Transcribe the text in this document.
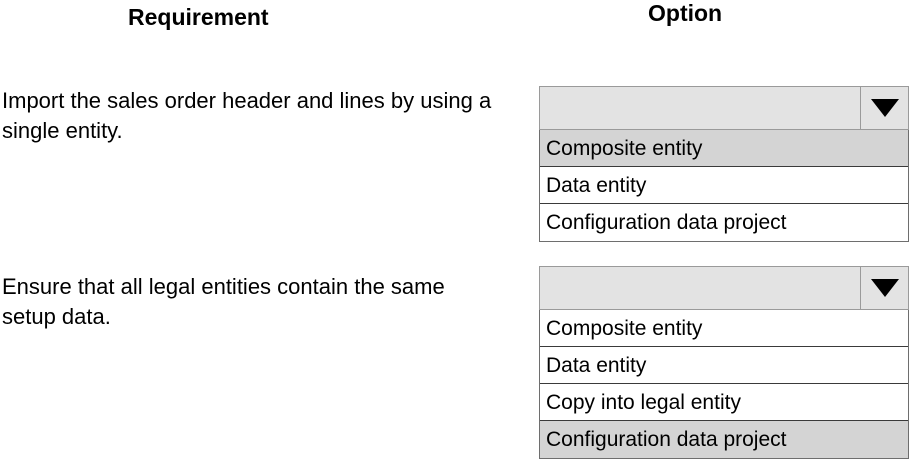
Requirement	Option
Import the sales order header and lines by using a single entity.
Ensure that all legal entities contain the same setup data.
Composite entity
Data entity
Configuration data project
Composite entity
Data entity
Copy into legal entity
Configuration data project
